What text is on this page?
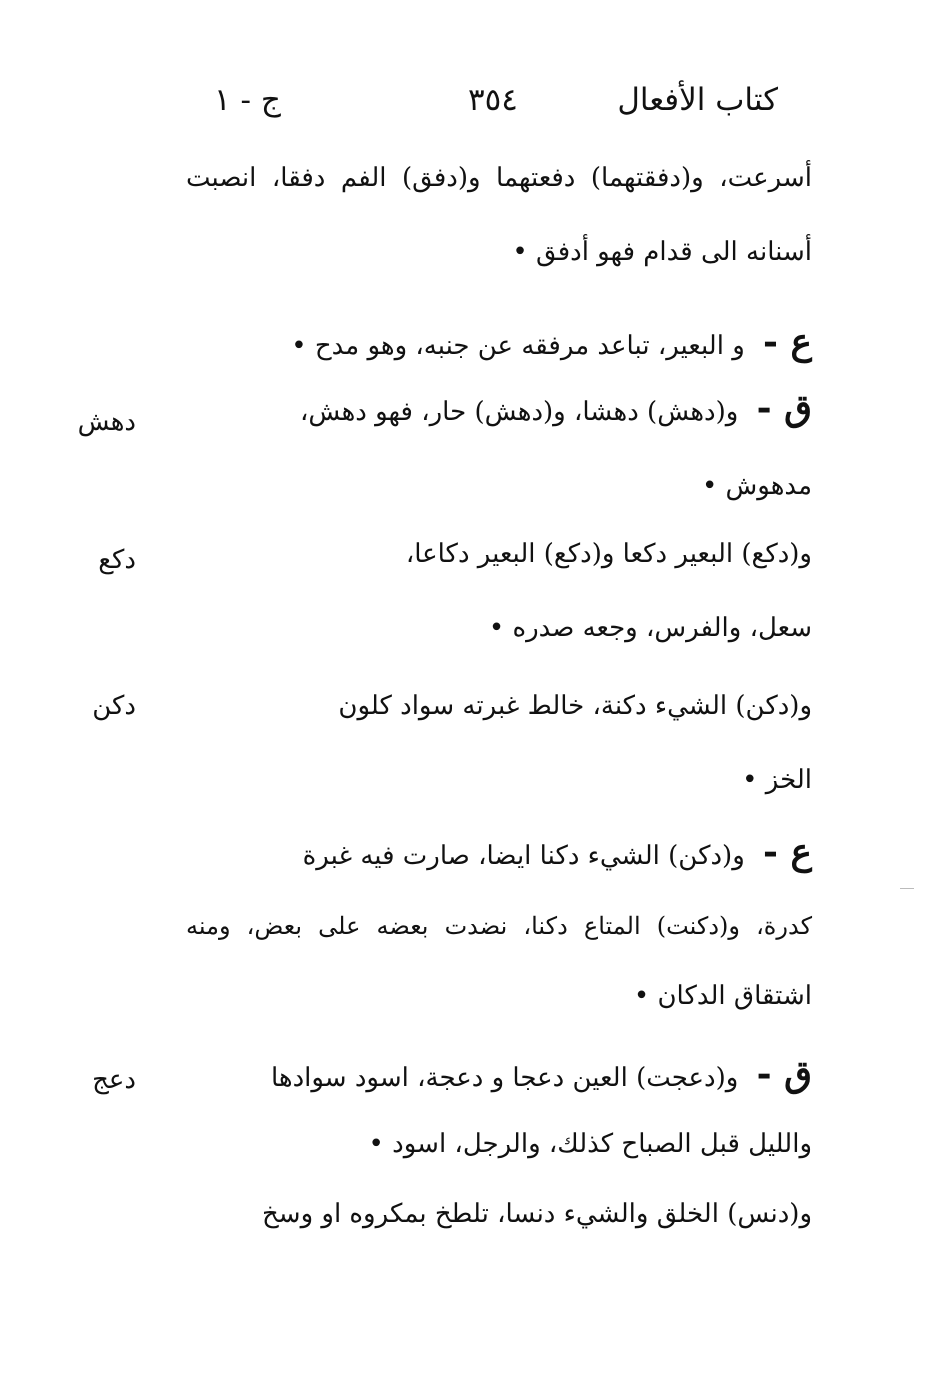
كتاب الأفعال
٣٥٤
ج - ١
أسرعت، و(دفقتهما) دفعتهما و(دفق) الفم دفقا، انصبت
أسنانه الى قدام فهو أدفق •
ع - و البعير، تباعد مرفقه عن جنبه، وهو مدح •
ق - و(دهش) دهشا، و(دهش) حار، فهو دهش،
مدهوش •
و(دكع) البعير دكعا و(دكع) البعير دكاعا،
سعل، والفرس، وجعه صدره •
و(دكن) الشيء دكنة، خالط غبرته سواد كلون
الخز •
ع - و(دكن) الشيء دكنا ايضا، صارت فيه غبرة
كدرة، و(دكنت) المتاع دكنا، نضدت بعضه على بعض، ومنه
اشتقاق الدكان •
ق - و(دعجت) العين دعجا و دعجة، اسود سوادها
والليل قبل الصباح كذلك، والرجل، اسود •
و(دنس) الخلق والشيء دنسا، تلطخ بمكروه او وسخ
دهش
دكع
دكن
دعج
